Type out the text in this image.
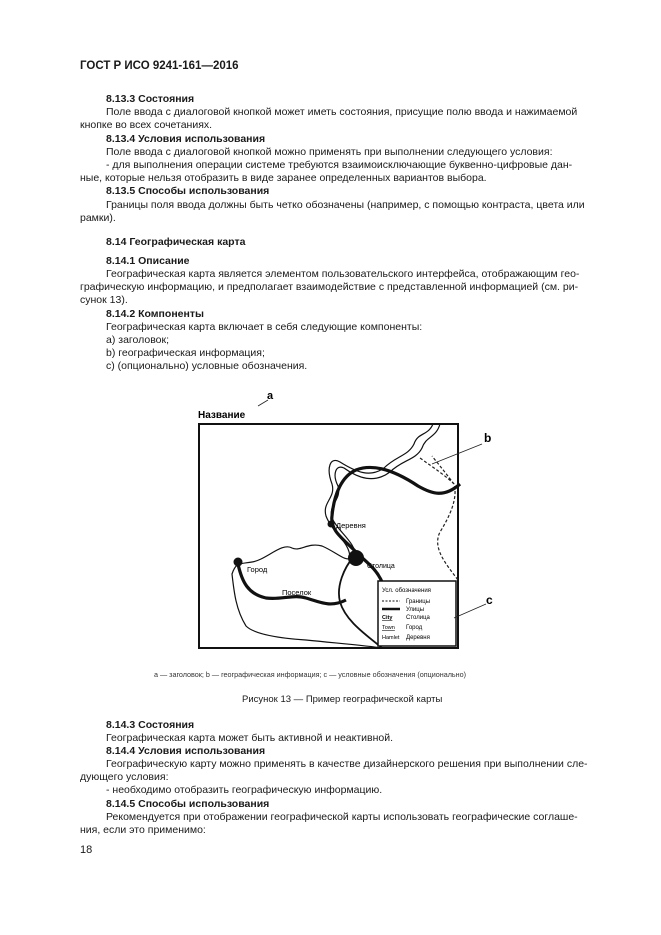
ГОСТ Р ИСО 9241-161—2016
8.13.3 Состояния
Поле ввода с диалоговой кнопкой может иметь состояния, присущие полю ввода и нажимаемой
кнопке во всех сочетаниях.
8.13.4 Условия использования
Поле ввода с диалоговой кнопкой можно применять при выполнении следующего условия:
- для выполнения операции системе требуются взаимоисключающие буквенно-цифровые дан-
ные, которые нельзя отобразить в виде заранее определенных вариантов выбора.
8.13.5 Способы использования
Границы поля ввода должны быть четко обозначены (например, с помощью контраста, цвета или
рамки).
8.14 Географическая карта
8.14.1 Описание
Географическая карта является элементом пользовательского интерфейса, отображающим гео-
графическую информацию, и предполагает взаимодействие с представленной информацией (см. ри-
сунок 13).
8.14.2 Компоненты
Географическая карта включает в себя следующие компоненты:
a) заголовок;
b) географическая информация;
c) (опционально) условные обозначения.
a
Название
Деревня
Столица
Город
Поселок	Усл. обозначения
Границы
Улицы
City Столица
Town Город
Hamlet Деревня
b
c
a — заголовок; b — географическая информация; c — условные обозначения (опционально)
Рисунок 13 — Пример географической карты
8.14.3 Состояния
Географическая карта может быть активной и неактивной.
8.14.4 Условия использования
Географическую карту можно применять в качестве дизайнерского решения при выполнении сле-
дующего условия:
- необходимо отобразить географическую информацию.
8.14.5 Способы использования
Рекомендуется при отображении географической карты использовать географические соглаше-
ния, если это применимо:
18
